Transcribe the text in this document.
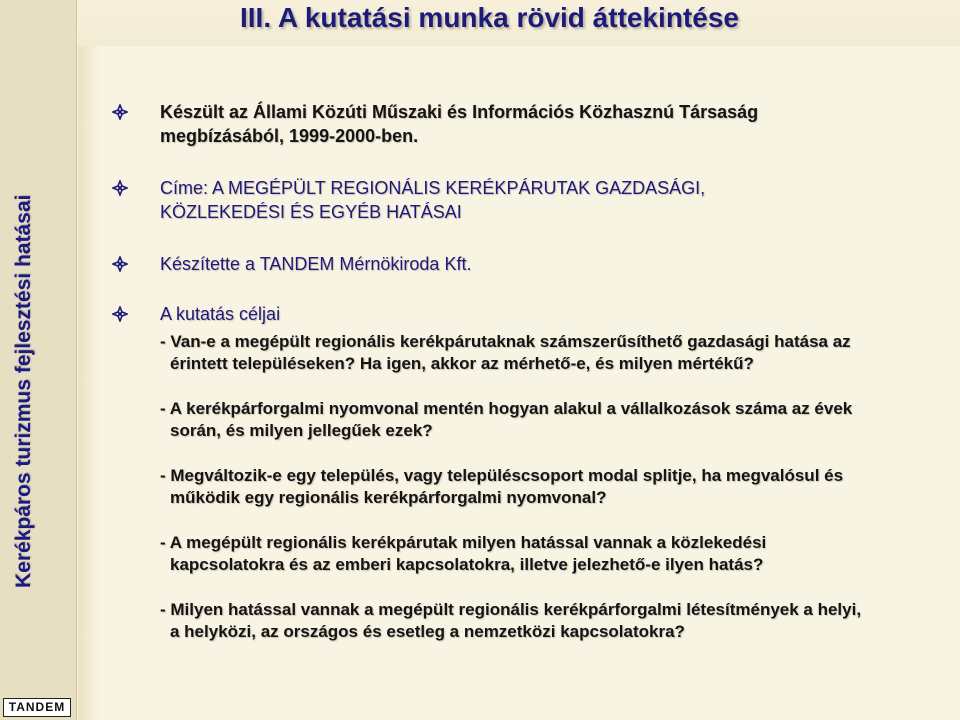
Kerékpáros turizmus fejlesztési hatásai
TANDEM
III. A kutatási munka rövid áttekintése
Készült az Állami Közúti Műszaki és Információs Közhasznú Társaság
megbízásából, 1999-2000-ben.
Címe: A MEGÉPÜLT REGIONÁLIS KERÉKPÁRUTAK GAZDASÁGI,
KÖZLEKEDÉSI ÉS EGYÉB HATÁSAI
Készítette a TANDEM Mérnökiroda Kft.
A kutatás céljai
- Van-e a megépült regionális kerékpárutaknak számszerűsíthető gazdasági hatása az
érintett településeken? Ha igen, akkor az mérhető-e, és milyen mértékű?
- A kerékpárforgalmi nyomvonal mentén hogyan alakul a vállalkozások száma az évek
során, és milyen jellegűek ezek?
- Megváltozik-e egy település, vagy településcsoport modal splitje, ha megvalósul és
működik egy regionális kerékpárforgalmi nyomvonal?
- A megépült regionális kerékpárutak milyen hatással vannak a közlekedési
kapcsolatokra és az emberi kapcsolatokra, illetve jelezhető-e ilyen hatás?
- Milyen hatással vannak a megépült regionális kerékpárforgalmi létesítmények a helyi,
a helyközi, az országos és esetleg a nemzetközi kapcsolatokra?
